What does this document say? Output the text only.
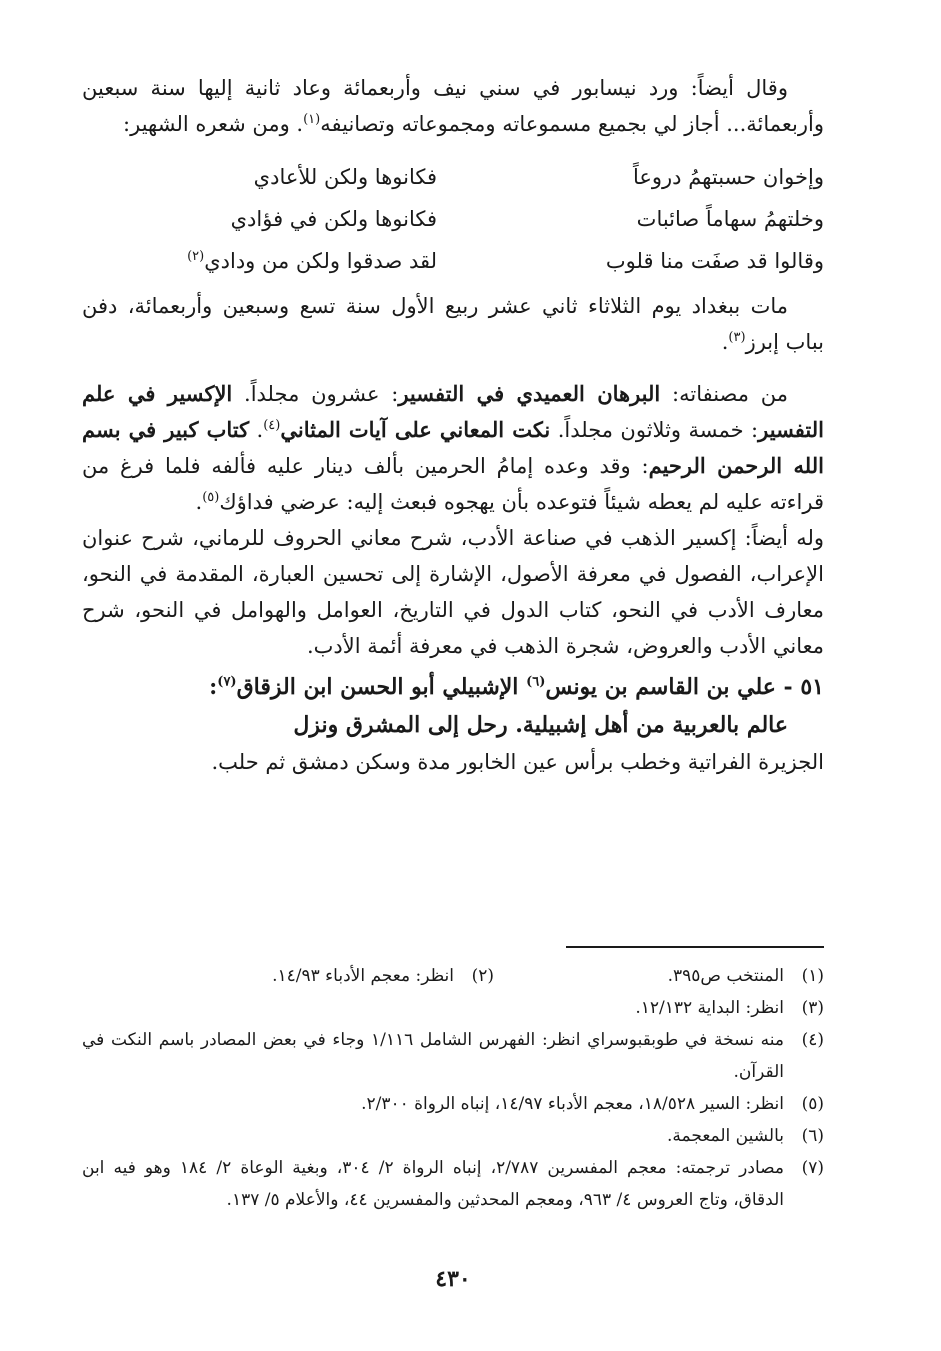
وقال أيضاً: ورد نيسابور في سني نيف وأربعمائة وعاد ثانية إليها سنة سبعين وأربعمائة... أجاز لي بجميع مسموعاته ومجموعاته وتصانيفه$^{(١)}$. ومن شعره الشهير:

وإخوان حسبتهمُ دروعاً
فكانوها ولكن للأعادي
وخلتهمُ سهاماً صائبات
فكانوها ولكن في فؤادي
وقالوا قد صفَت منا قلوب
لقد صدقوا ولكن من ودادي$^{(٢)}$

مات ببغداد يوم الثلاثاء ثاني عشر ربيع الأول سنة تسع وسبعين وأربعمائة، دفن بباب إبرز$^{(٣)}$.

من مصنفاته: البرهان العميدي في التفسير: عشرون مجلداً. الإكسير في علم التفسير: خمسة وثلاثون مجلداً. نكت المعاني على آيات المثاني$^{(٤)}$. كتاب كبير في بسم الله الرحمن الرحيم: وقد وعده إمامُ الحرمين بألف دينار عليه فألفه فلما فرغ من قراءته عليه لم يعطه شيئاً فتوعده بأن يهجوه فبعث إليه: عرضي فداؤك$^{(٥)}$.

وله أيضاً: إكسير الذهب في صناعة الأدب، شرح معاني الحروف للرماني، شرح عنوان الإعراب، الفصول في معرفة الأصول، الإشارة إلى تحسين العبارة، المقدمة في النحو، معارف الأدب في النحو، كتاب الدول في التاريخ، العوامل والهوامل في النحو، شرح معاني الأدب والعروض، شجرة الذهب في معرفة أئمة الأدب.

٥١ - علي بن القاسم بن يونس$^{(٦)}$ الإشبيلي أبو الحسن ابن الزقاق$^{(٧)}$:

عالم بالعربية من أهل إشبيلية. رحل إلى المشرق ونزل

الجزيرة الفراتية وخطب برأس عين الخابور مدة وسكن دمشق ثم حلب.

(١)
المنتخب ص٣٩٥.
(٢)
انظر: معجم الأدباء ١٤/٩٣.
(٣)
انظر: البداية ١٢/١٣٢.
(٤)
منه نسخة في طوبقبوسراي انظر: الفهرس الشامل ١/١١٦ وجاء في بعض المصادر باسم النكت في القرآن.
(٥)
انظر: السير ١٨/٥٢٨، معجم الأدباء ١٤/٩٧، إنباه الرواة ٢/٣٠٠.
(٦)
بالشين المعجمة.
(٧)
مصادر ترجمته: معجم المفسرين ٢/٧٨٧، إنباه الرواة ٢/ ٣٠٤، وبغية الوعاة ٢/ ١٨٤ وهو فيه ابن الدقاق، وتاج العروس ٤/ ٩٦٣، ومعجم المحدثين والمفسرين ٤٤، والأعلام ٥/ ١٣٧.
٤٣٠
